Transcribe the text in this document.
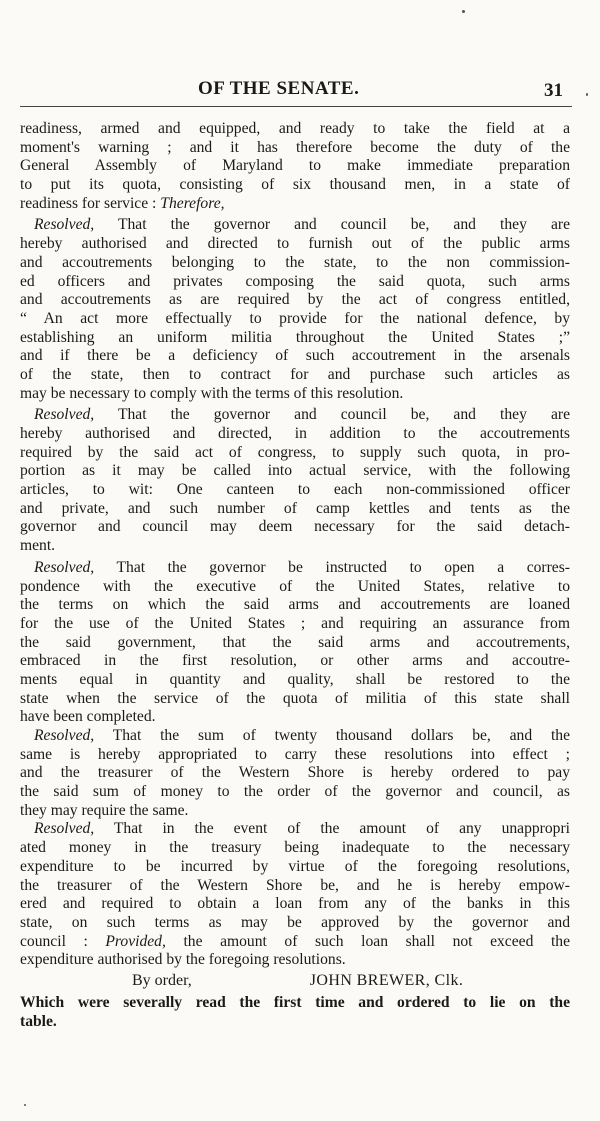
OF THE SENATE.	31
readiness, armed and equipped, and ready to take the field at a
moment's warning ; and it has therefore become the duty of the
General Assembly of Maryland to make immediate preparation
to put its quota, consisting of six thousand men, in a state of
readiness for service : Therefore,
Resolved, That the governor and council be, and they are
hereby authorised and directed to furnish out of the public arms
and accoutrements belonging to the state, to the non commission-
ed officers and privates composing the said quota, such arms
and accoutrements as are required by the act of congress entitled,
“ An act more effectually to provide for the national defence, by
establishing an uniform militia throughout the United States ;”
and if there be a deficiency of such accoutrement in the arsenals
of the state, then to contract for and purchase such articles as
may be necessary to comply with the terms of this resolution.
Resolved, That the governor and council be, and they are
hereby authorised and directed, in addition to the accoutrements
required by the said act of congress, to supply such quota, in pro-
portion as it may be called into actual service, with the following
articles, to wit: One canteen to each non-commissioned officer
and private, and such number of camp kettles and tents as the
governor and council may deem necessary for the said detach-
ment.
Resolved, That the governor be instructed to open a corres-
pondence with the executive of the United States, relative to
the terms on which the said arms and accoutrements are loaned
for the use of the United States ; and requiring an assurance from
the said government, that the said arms and accoutrements,
embraced in the first resolution, or other arms and accoutre-
ments equal in quantity and quality, shall be restored to the
state when the service of the quota of militia of this state shall
have been completed.
Resolved, That the sum of twenty thousand dollars be, and the
same is hereby appropriated to carry these resolutions into effect ;
and the treasurer of the Western Shore is hereby ordered to pay
the said sum of money to the order of the governor and council, as
they may require the same.
Resolved, That in the event of the amount of any unappropri
ated money in the treasury being inadequate to the necessary
expenditure to be incurred by virtue of the foregoing resolutions,
the treasurer of the Western Shore be, and he is hereby empow-
ered and required to obtain a loan from any of the banks in this
state, on such terms as may be approved by the governor and
council : Provided, the amount of such loan shall not exceed the
expenditure authorised by the foregoing resolutions.
By order,	JOHN BREWER, Clk.
Which were severally read the first time and ordered to lie on the
table.
